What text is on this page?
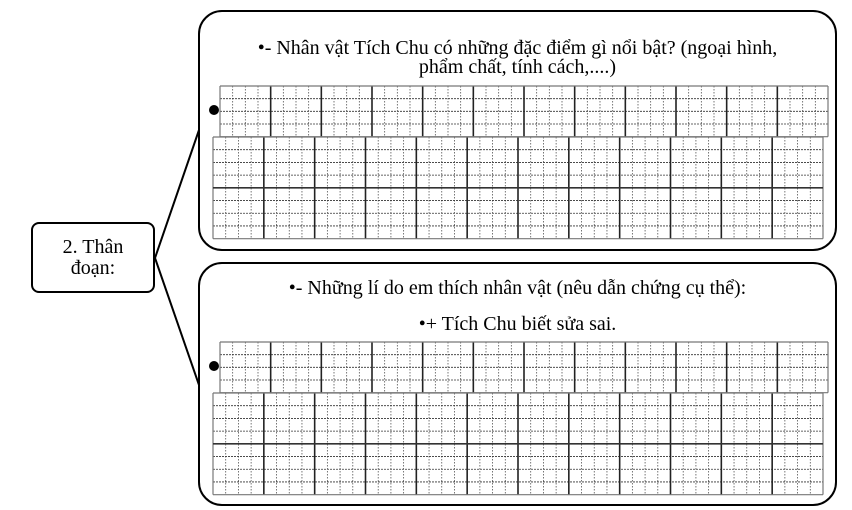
2. Thân đoạn:
•- Nhân vật Tích Chu có những đặc điểm gì nổi bật? (ngoại hình,
phẩm chất, tính cách,....)
•- Những lí do em thích nhân vật (nêu dẫn chứng cụ thể):
•+ Tích Chu biết sửa sai.
